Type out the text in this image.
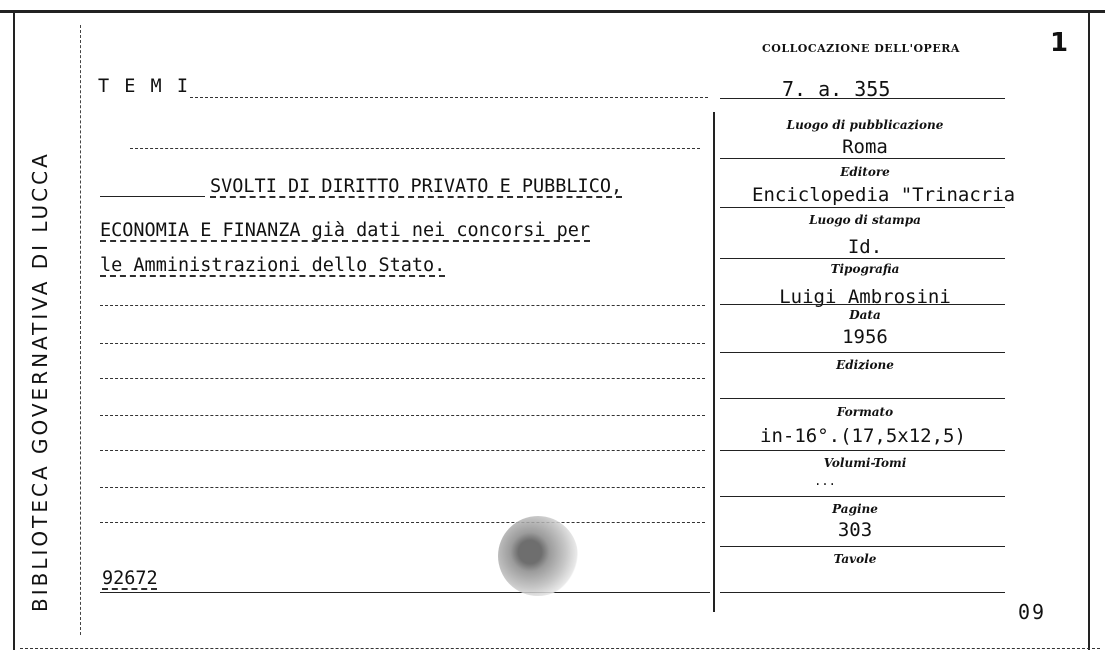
BIBLIOTECA GOVERNATIVA DI LUCCA
1
COLLOCAZIONE DELL'OPERA
7. a. 355
T E M I
SVOLTI DI DIRITTO PRIVATO E PUBBLICO,
ECONOMIA E FINANZA già dati nei concorsi per
le Amministrazioni dello Stato.
92672
Luogo di pubblicazione
Roma
Editore
Enciclopedia "Trinacria
Luogo di stampa
Id.
Tipografia
Luigi Ambrosini
Data
1956
Edizione
Formato
in-16°.(17,5x12,5)
Volumi-Tomi
...
Pagine
303
Tavole
09
